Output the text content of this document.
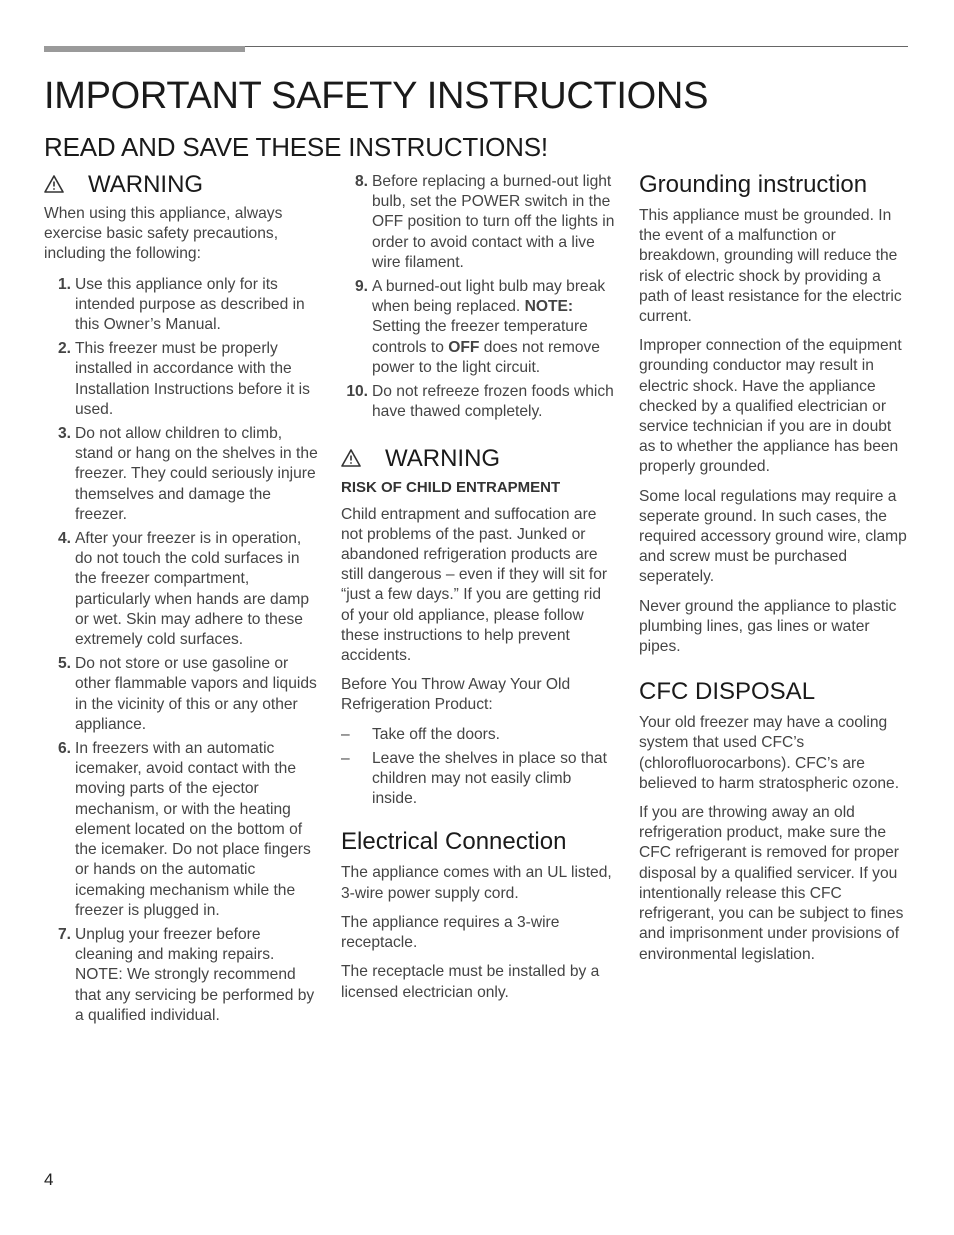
IMPORTANT SAFETY INSTRUCTIONS
READ AND SAVE THESE INSTRUCTIONS!
WARNING

When using this appliance, always exercise basic safety precautions, including the following:

1. Use this appliance only for its intended purpose as described in this Owner’s Manual.
2. This freezer must be properly installed in accordance with the Installation Instructions before it is used.
3. Do not allow children to climb, stand or hang on the shelves in the freezer. They could seriously injure themselves and damage the freezer.
4. After your freezer is in operation, do not touch the cold surfaces in the freezer compartment, particularly when hands are damp or wet. Skin may adhere to these extremely cold surfaces.
5. Do not store or use gasoline or other flammable vapors and liquids in the vicinity of this or any other appliance.
6. In freezers with an automatic icemaker, avoid contact with the moving parts of the ejector mechanism, or with the heating element located on the bottom of the icemaker. Do not place fingers or hands on the automatic icemaking mechanism while the freezer is plugged in.
7. Unplug your freezer before cleaning and making repairs. NOTE: We strongly recommend that any servicing be performed by a qualified individual.
8. Before replacing a burned-out light bulb, set the POWER switch in the OFF position to turn off the lights in order to avoid contact with a live wire filament.
9. A burned-out light bulb may break when being replaced. NOTE: Setting the freezer temperature controls to OFF does not remove power to the light circuit.
10. Do not refreeze frozen foods which have thawed completely.
WARNING
RISK OF CHILD ENTRAPMENT

Child entrapment and suffocation are not problems of the past. Junked or abandoned refrigeration products are still dangerous – even if they will sit for “just a few days.” If you are getting rid of your old appliance, please follow these instructions to help prevent accidents.

Before You Throw Away Your Old Refrigeration Product:

–	Take off the doors.
–	Leave the shelves in place so that children may not easily climb inside.
Electrical Connection

The appliance comes with an UL listed, 3-wire power supply cord.

The appliance requires a 3-wire receptacle.

The receptacle must be installed by a licensed electrician only.

Grounding instruction

This appliance must be grounded. In the event of a malfunction or breakdown, grounding will reduce the risk of electric shock by providing a path of least resistance for the electric current.

Improper connection of the equipment grounding conductor may result in electric shock. Have the appliance checked by a qualified electrician or service technician if you are in doubt as to whether the appliance has been properly grounded.

Some local regulations may require a seperate ground. In such cases, the required accessory ground wire, clamp and screw must be purchased seperately.

Never ground the appliance to plastic plumbing lines, gas lines or water pipes.

CFC DISPOSAL

Your old freezer may have a cooling system that used CFC’s (chlorofluorocarbons). CFC’s are believed to harm stratospheric ozone.

If you are throwing away an old refrigeration product, make sure the CFC refrigerant is removed for proper disposal by a qualified servicer. If you intentionally release this CFC refrigerant, you can be subject to fines and imprisonment under provisions of environmental legislation.

4
